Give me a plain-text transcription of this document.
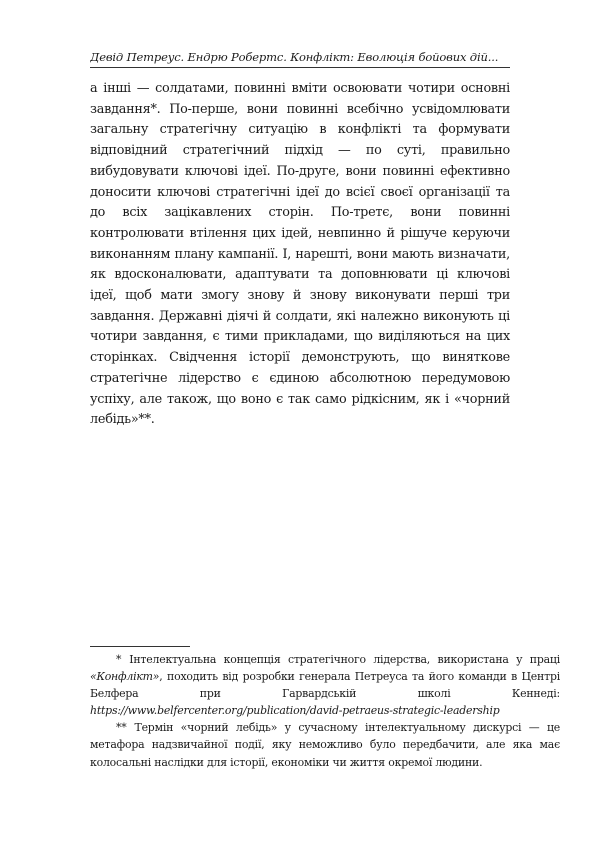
Девід Петреус. Ендрю Робертс. Конфлікт: Еволюція бойових дій...

а інші — солдатами, повинні вміти освоювати чотири основні завдання*. По-перше, вони повинні всебічно усвідомлювати загальну стратегічну ситуацію в конфлікті та формувати відповідний стратегічний підхід — по суті, правильно вибудовувати ключові ідеї. По-друге, вони повинні ефективно доносити ключові стратегічні ідеї до всієї своєї організації та до всіх зацікавлених сторін. По-третє, вони повинні контролювати втілення цих ідей, невпинно й рішуче керуючи виконанням плану кампанії. І, нарешті, вони мають визначати, як вдосконалювати, адаптувати та доповнювати ці ключові ідеї, щоб мати змогу знову й знову виконувати перші три завдання. Державні діячі й солдати, які належно виконують ці чотири завдання, є тими прикладами, що виділяються на цих сторінках. Свідчення історії демонструють, що виняткове стратегічне лідерство є єдиною абсолютною передумовою успіху, але також, що воно є так само рідкісним, як і «чорний лебідь»**.

* Інтелектуальна концепція стратегічного лідерства, використана у праці «Конфлікт», походить від розробки генерала Петреуса та його команди в Центрі Белфера при Гарвардській школі Кеннеді: https://www.belfercenter.org/publication/david-petraeus-strategic-leadership

** Термін «чорний лебідь» у сучасному інтелектуальному дискурсі — це метафора надзвичайної події, яку неможливо було передбачити, але яка має колосальні наслідки для історії, економіки чи життя окремої людини.
